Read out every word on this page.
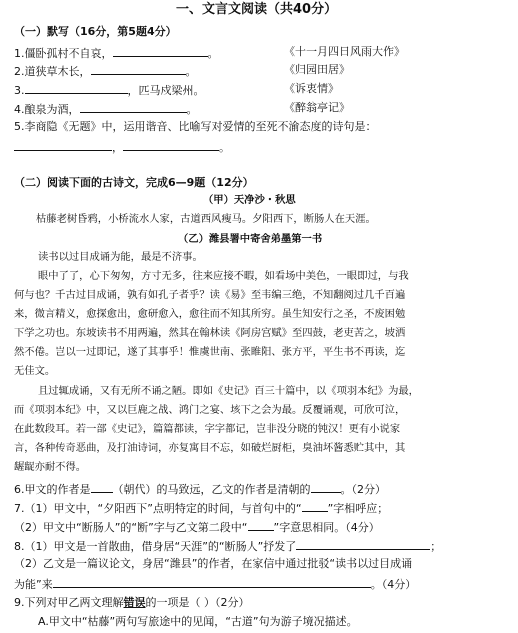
一、文言文阅读（共40分）
（一）默写（16分，第5题4分）
1.僵卧孤村不自哀，	。	《十一月四日风雨大作》
2.道狭草木长，	。	《归园田居》
3.	，匹马戍梁州。	《诉衷情》
4.酿泉为酒，	。	《醉翁亭记》
5.李商隐《无题》中，运用谐音、比喻写对爱情的至死不渝态度的诗句是：
，	。
（二）阅读下面的古诗文，完成6—9题（12分）
（甲）天净沙・秋思
枯藤老树昏鸦，小桥流水人家，古道西风瘦马。夕阳西下，断肠人在天涯。
（乙）潍县署中寄舍弟墨第一书
读书以过目成诵为能，最是不济事。
眼中了了，心下匆匆，方寸无多，往来应接不暇，如看场中美色，一眼即过，与我
何与也？千古过目成诵，孰有如孔子者乎？读《易》至韦编三绝，不知翻阅过几千百遍
来，微言精义，愈探愈出，愈研愈入，愈往而不知其所穷。虽生知安行之圣，不废困勉
下学之功也。东坡读书不用两遍，然其在翰林读《阿房宫赋》至四鼓，老吏苦之，坡洒
然不倦。岂以一过即记，遂了其事乎！惟虞世南、张睢阳、张方平，平生书不再读，迄
无佳文。
且过辄成诵，又有无所不诵之陋。即如《史记》百三十篇中，以《项羽本纪》为最，
而《项羽本纪》中，又以巨鹿之战、鸿门之宴、垓下之会为最。反覆诵观，可欣可泣，
在此数段耳。若一部《史记》，篇篇都读，字字都记，岂非没分晓的钝汉！更有小说家
言，各种传奇恶曲，及打油诗词，亦复寓目不忘，如破烂厨柜，臭油坏酱悉贮其中，其
龌龊亦耐不得。
6.甲文的作者是 （朝代）的马致远，乙文的作者是清朝的	。（2分）
7.（1）甲文中，“夕阳西下”点明特定的时间，与首句中的“ ”字相呼应；
（2）甲文中“断肠人”的“断”字与乙文第二段中“ ”字意思相同。（4分）
8.（1）甲文是一首散曲，借身居“天涯”的“断肠人”抒发了	；
（2）乙文是一篇议论文，身居“潍县”的作者，在家信中通过批驳“读书以过目成诵
为能”来	。（4分）
9.下列对甲乙两文理解错误的一项是（ ）（2分）
A.甲文中“枯藤”两句写旅途中的见闻，“古道”句为游子境况描述。
